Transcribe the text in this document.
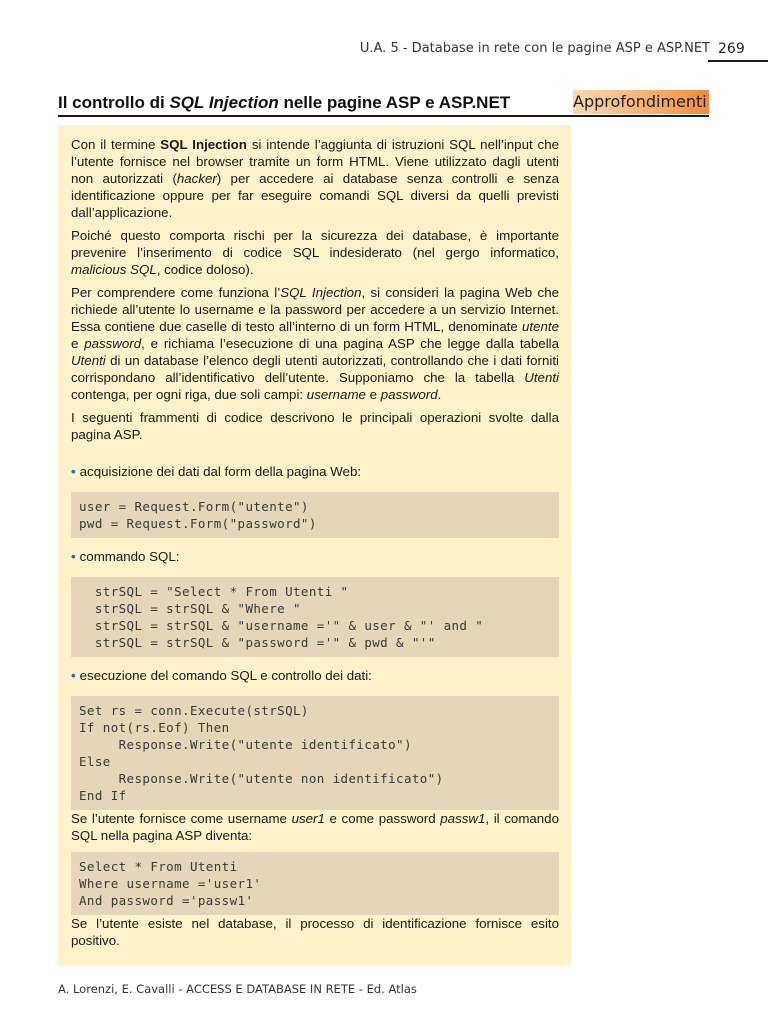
U.A. 5 - Database in rete con le pagine ASP e ASP.NET 269
Il controllo di SQL Injection nelle pagine ASP e ASP.NET	Approfondimenti

Con il termine SQL Injection si intende l’aggiunta di istruzioni SQL nell’input che l’utente fornisce nel browser tramite un form HTML. Viene utilizzato dagli utenti non autorizzati (hacker) per accedere ai database senza controlli e senza identificazione oppure per far eseguire comandi SQL diversi da quelli previsti dall’applicazione.

Poiché questo comporta rischi per la sicurezza dei database, è importante prevenire l’inserimento di codice SQL indesiderato (nel gergo informatico, malicious SQL, codice doloso).

Per comprendere come funziona l’SQL Injection, si consideri la pagina Web che richiede all’utente lo username e la password per accedere a un servizio Internet. Essa contiene due caselle di testo all’interno di un form HTML, denominate utente e password, e richiama l’esecuzione di una pagina ASP che legge dalla tabella Utenti di un database l’elenco degli utenti autorizzati, controllando che i dati forniti corrispondano all’identificativo dell’utente. Supponiamo che la tabella Utenti contenga, per ogni riga, due soli campi: username e password.

I seguenti frammenti di codice descrivono le principali operazioni svolte dalla pagina ASP.

• acquisizione dei dati dal form della pagina Web:
user = Request.Form("utente")
pwd = Request.Form("password")
• commando SQL:
strSQL = "Select * From Utenti "
strSQL = strSQL & "Where "
strSQL = strSQL & "username ='" & user & "' and "
strSQL = strSQL & "password ='" & pwd & "'"
• esecuzione del comando SQL e controllo dei dati:
Set rs = conn.Execute(strSQL)
If not(rs.Eof) Then
Response.Write("utente identificato")
Else
Response.Write("utente non identificato")
End If

Se l’utente fornisce come username user1 e come password passw1, il comando SQL nella pagina ASP diventa:

Select * From Utenti
Where username ='user1'
And password ='passw1'

Se l’utente esiste nel database, il processo di identificazione fornisce esito positivo.

A. Lorenzi, E. Cavalli - ACCESS E DATABASE IN RETE - Ed. Atlas
